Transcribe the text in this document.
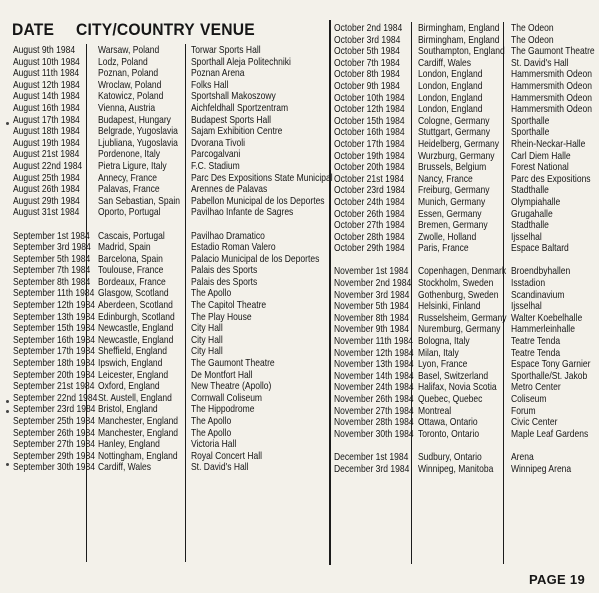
DATE CITY/COUNTRY VENUE
August 9th 1984
August 10th 1984
August 11th 1984
August 12th 1984
August 14th 1984
August 16th 1984
August 17th 1984
August 18th 1984
August 19th 1984
August 21st 1984
August 22nd 1984
August 25th 1984
August 26th 1984
August 29th 1984
August 31st 1984
September 1st 1984
September 3rd 1984
September 5th 1984
September 7th 1984
September 8th 1984
September 11th 1984
September 12th 1984
September 13th 1984
September 15th 1984
September 16th 1984
September 17th 1984
September 18th 1984
September 20th 1984
September 21st 1984
September 22nd 1984
September 23rd 1984
September 25th 1984
September 26th 1984
September 27th 1984
September 29th 1984
September 30th 1984
Warsaw, Poland
Lodz, Poland
Poznan, Poland
Wroclaw, Poland
Katowicz, Poland
Vienna, Austria
Budapest, Hungary
Belgrade, Yugoslavia
Ljubliana, Yugoslavia
Pordenone, Italy
Pietra Ligure, Italy
Annecy, France
Palavas, France
San Sebastian, Spain
Oporto, Portugal
Cascais, Portugal
Madrid, Spain
Barcelona, Spain
Toulouse, France
Bordeaux, France
Glasgow, Scotland
Aberdeen, Scotland
Edinburgh, Scotland
Newcastle, England
Newcastle, England
Sheffield, England
Ipswich, England
Leicester, England
Oxford, England
St. Austell, England
Bristol, England
Manchester, England
Manchester, England
Hanley, England
Nottingham, England
Cardiff, Wales
Torwar Sports Hall
Sporthall Aleja Politechniki
Poznan Arena
Folks Hall
Sportshall Makoszowy
Aichfeldhall Sportzentram
Budapest Sports Hall
Sajam Exhibition Centre
Dvorana Tivoli
Parcogalvani
F.C. Stadium
Parc Des Expositions State Municipal
Arennes de Palavas
Pabellon Municipal de los Deportes
Pavilhao Infante de Sagres
Pavilhao Dramatico
Estadio Roman Valero
Palacio Municipal de los Deportes
Palais des Sports
Palais des Sports
The Apollo
The Capitol Theatre
The Play House
City Hall
City Hall
City Hall
The Gaumont Theatre
De Montfort Hall
New Theatre (Apollo)
Cornwall Coliseum
The Hippodrome
The Apollo
The Apollo
Victoria Hall
Royal Concert Hall
St. David's Hall
October 2nd 1984
October 3rd 1984
October 5th 1984
October 7th 1984
October 8th 1984
October 9th 1984
October 10th 1984
October 12th 1984
October 15th 1984
October 16th 1984
October 17th 1984
October 19th 1984
October 20th 1984
October 21st 1984
October 23rd 1984
October 24th 1984
October 26th 1984
October 27th 1984
October 28th 1984
October 29th 1984
November 1st 1984
November 2nd 1984
November 3rd 1984
November 5th 1984
November 8th 1984
November 9th 1984
November 11th 1984
November 12th 1984
November 13th 1984
November 14th 1984
November 24th 1984
November 26th 1984
November 27th 1984
November 28th 1984
November 30th 1984
December 1st 1984
December 3rd 1984
Birmingham, England
Birmingham, England
Southampton, England
Cardiff, Wales
London, England
London, England
London, England
London, England
Cologne, Germany
Stuttgart, Germany
Heidelberg, Germany
Wurzburg, Germany
Brussels, Belgium
Nancy, France
Freiburg, Germany
Munich, Germany
Essen, Germany
Bremen, Germany
Zwolle, Holland
Paris, France
Copenhagen, Denmark
Stockholm, Sweden
Gothenburg, Sweden
Helsinki, Finland
Russelsheim, Germany
Nuremburg, Germany
Bologna, Italy
Milan, Italy
Lyon, France
Basel, Switzerland
Halifax, Novia Scotia
Quebec, Quebec
Montreal
Ottawa, Ontario
Toronto, Ontario
Sudbury, Ontario
Winnipeg, Manitoba
The Odeon
The Odeon
The Gaumont Theatre
St. David's Hall
Hammersmith Odeon
Hammersmith Odeon
Hammersmith Odeon
Hammersmith Odeon
Sporthalle
Sporthalle
Rhein-Neckar-Halle
Carl Diem Halle
Forest National
Parc des Expositions
Stadthalle
Olympiahalle
Grugahalle
Stadthalle
Ijsselhal
Espace Baltard
Broendbyhallen
Isstadion
Scandinavium
Ijsselhal
Walter Koebelhalle
Hammerleinhalle
Teatre Tenda
Teatre Tenda
Espace Tony Garnier
Sporthalle/St. Jakob
Metro Center
Coliseum
Forum
Civic Center
Maple Leaf Gardens
Arena
Winnipeg Arena
PAGE 19
